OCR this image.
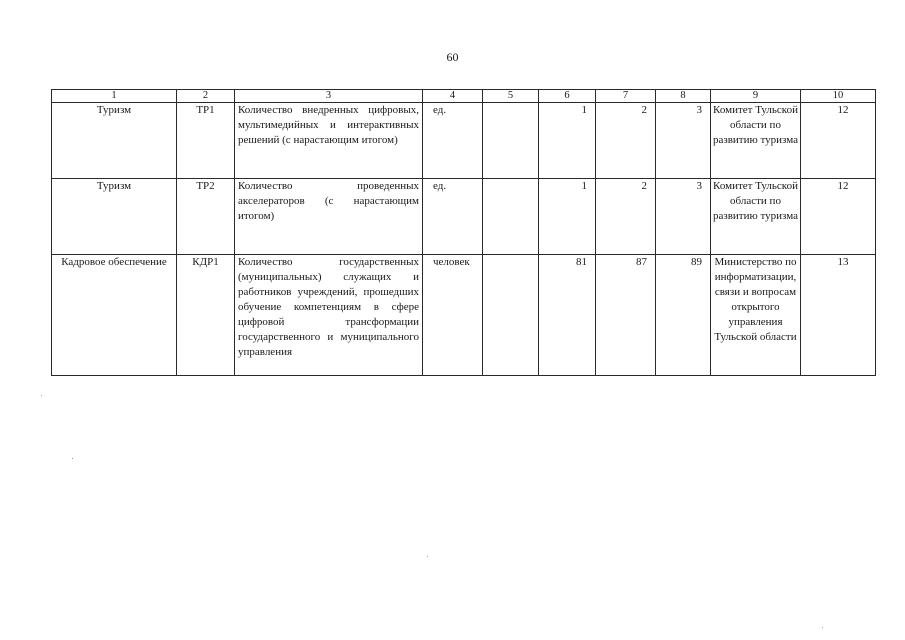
60
1	2	3	4	5	6	7	8	9	10
Туризм	ТР1	Количество внедренных цифровых, мультимедийных и интерактивных решений (с нарастающим итогом)	ед.		1	2	3	Комитет Тульской области по развитию туризма	12
Туризм	ТР2	Количество проведенных акселераторов (с нарастающим итогом)	ед.		1	2	3	Комитет Тульской области по развитию туризма	12
Кадровое обеспечение	КДР1	Количество государственных (муниципальных) служащих и работников учреждений, прошедших обучение компетенциям в сфере цифровой трансформации государственного и муниципального управления	человек		81	87	89	Министерство по информатизации, связи и вопросам открытого управления Тульской области	13
